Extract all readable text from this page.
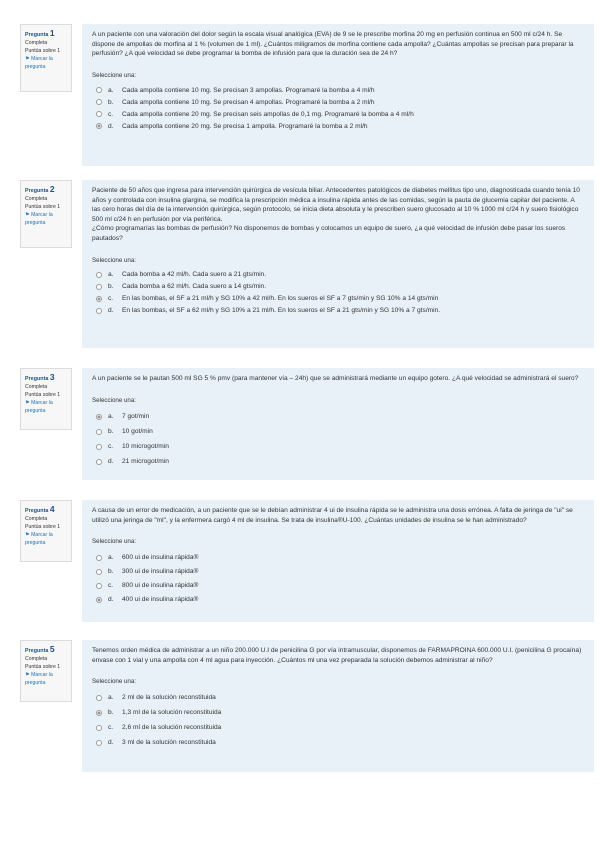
Pregunta 1
Completa
Puntúa sobre 1
⚑ Marcar la pregunta

A un paciente con una valoración del dolor según la escala visual analógica (EVA) de 9 se le prescribe morfina 20 mg en perfusión continua en 500 ml c/24 h. Se dispone de ampollas de morfina al 1 % (volumen de 1 ml). ¿Cuántos miligramos de morfina contiene cada ampolla? ¿Cuántas ampollas se precisan para preparar la perfusión? ¿A qué velocidad se debe programar la bomba de infusión para que la duración sea de 24 h?

Seleccione una:
a.	Cada ampolla contiene 10 mg. Se precisan 3 ampollas. Programaré la bomba a 4 ml/h
b.	Cada ampolla contiene 10 mg. Se precisan 4 ampollas. Programaré la bomba a 2 ml/h
c.	Cada ampolla contiene 20 mg. Se precisan seis ampollas de 0,1 mg. Programaré la bomba a 4 ml/h
d.	Cada ampolla contiene 20 mg. Se precisa 1 ampolla. Programaré la bomba a 2 ml/h
Pregunta 2
Completa
Puntúa sobre 1
⚑ Marcar la pregunta

Paciente de 50 años que ingresa para intervención quirúrgica de vesícula biliar. Antecedentes patológicos de diabetes mellitus tipo uno, diagnosticada cuando tenía 10 años y controlada con insulina glargina, se modifica la prescripción médica a insulina rápida antes de las comidas, según la pauta de glucemia capilar del paciente. A las cero horas del día de la intervención quirúrgica, según protocolo, se inicia dieta absoluta y le prescriben suero glucosado al 10 % 1000 ml c/24 h y suero fisiológico 500 ml c/24 h en perfusión por vía periférica.

¿Cómo programarías las bombas de perfusión? No disponemos de bombas y colocamos un equipo de suero, ¿a qué velocidad de infusión debe pasar los sueros pautados?

Seleccione una:
a.	Cada bomba a 42 ml/h. Cada suero a 21 gts/min.
b.	Cada bomba a 62 ml/h. Cada suero a 14 gts/min.
c.	En las bombas, el SF a 21 ml/h y SG 10% a 42 ml/h. En los sueros el SF a 7 gts/min y SG 10% a 14 gts/min
d.	En las bombas, el SF a 62 ml/h y SG 10% a 21 ml/h. En los sueros el SF a 21 gts/min y SG 10% a 7 gts/min.
Pregunta 3
Completa
Puntúa sobre 1
⚑ Marcar la pregunta

A un paciente se le pautan 500 ml SG 5 % pmv (para mantener vía – 24h) que se administrará mediante un equipo gotero. ¿A qué velocidad se administrará el suero?

Seleccione una:
a.	7 got/min
b.	10 got/min
c.	10 microgot/min
d.	21 microgot/min
Pregunta 4
Completa
Puntúa sobre 1
⚑ Marcar la pregunta

A causa de un error de medicación, a un paciente que se le debían administrar 4 ui de insulina rápida se le administra una dosis errónea. A falta de jeringa de "ui" se utilizó una jeringa de "ml", y la enfermera cargó 4 ml de insulina. Se trata de insulina®U-100. ¿Cuántas unidades de insulina se le han administrado?

Seleccione una:
a.	600 ui de insulina rápida®
b.	300 ui de insulina rápida®
c.	800 ui de insulina rápida®
d.	400 ui de insulina rápida®
Pregunta 5
Completa
Puntúa sobre 1
⚑ Marcar la pregunta

Tenemos orden médica de administrar a un niño 200.000 U.I de penicilina G por vía intramuscular, disponemos de FARMAPROINA 600.000 U.I. (penicilina G procaína) envase con 1 vial y una ampolla con 4 ml agua para inyección. ¿Cuántos ml una vez preparada la solución debemos administrar al niño?

Seleccione una:
a.	2 ml de la solución reconstituida
b.	1,3 ml de la solución reconstituida
c.	2,6 ml de la solución reconstituida
d.	3 ml de la solución reconstituida
